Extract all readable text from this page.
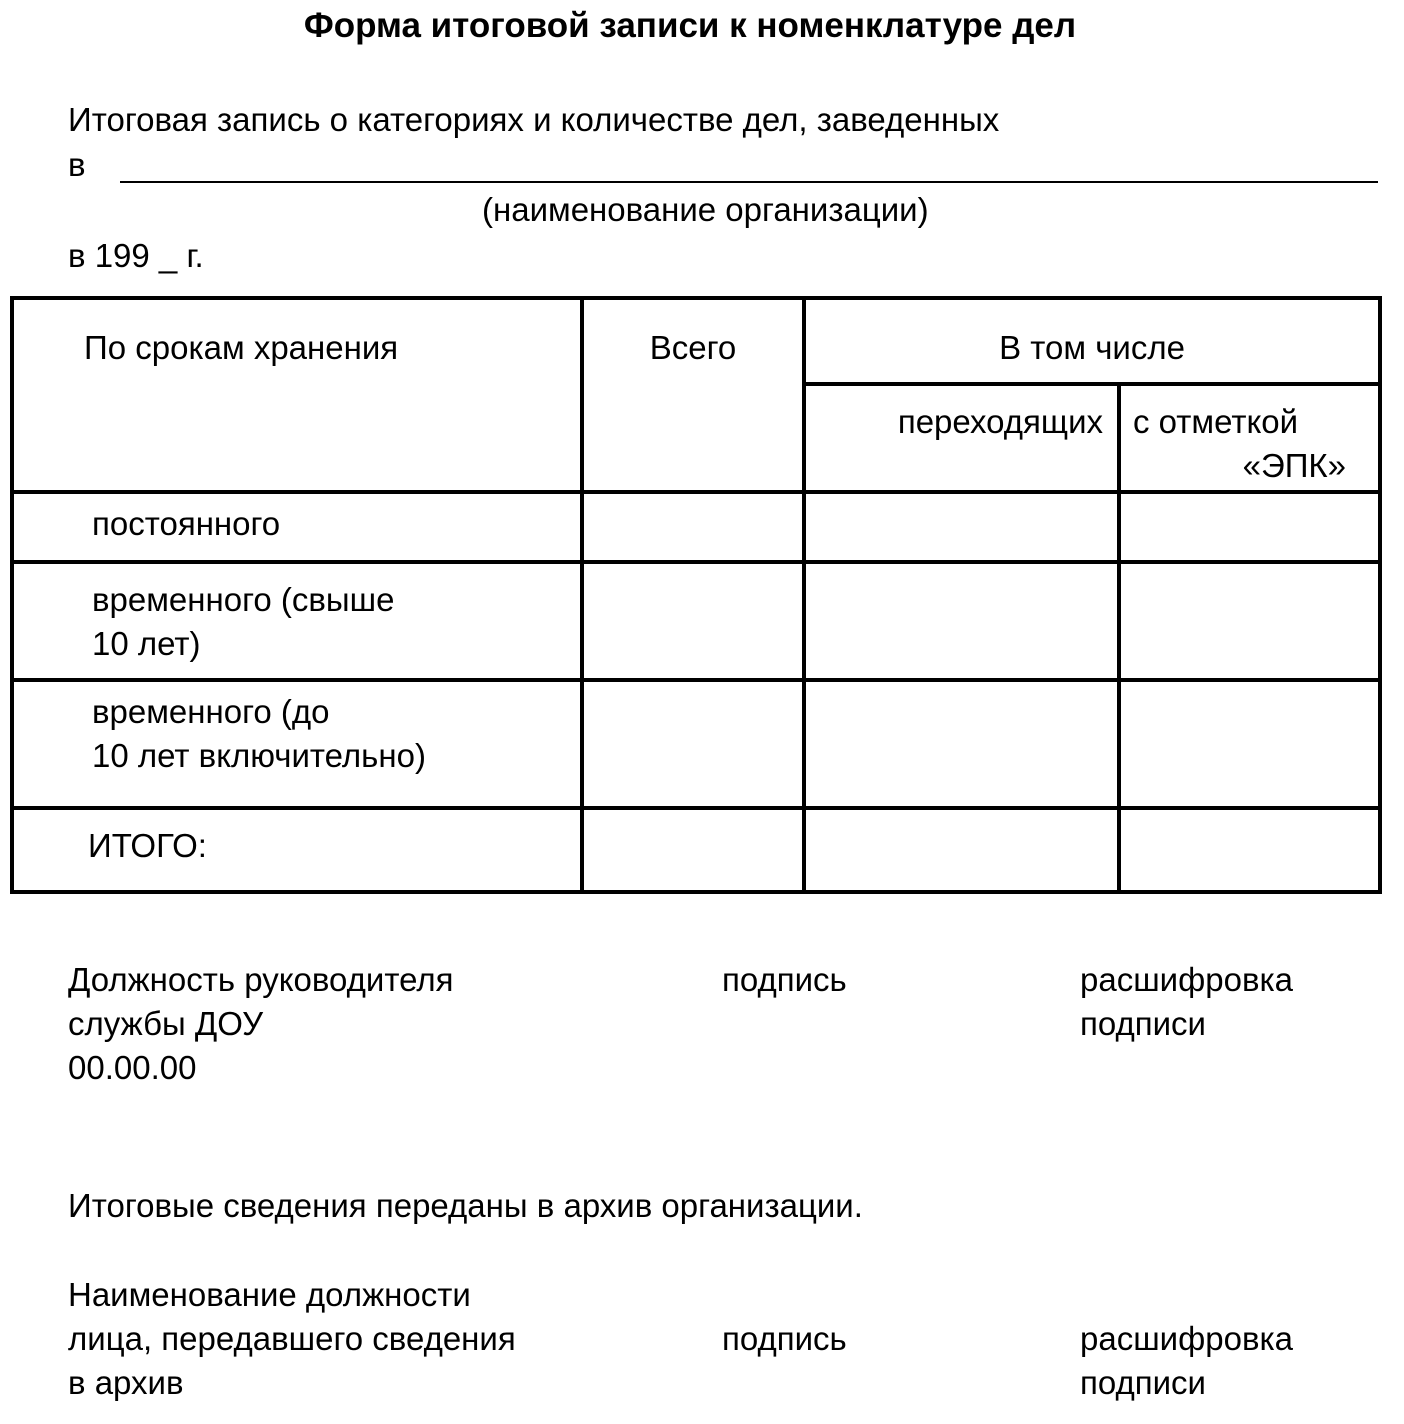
Форма итоговой записи к номенклатуре дел
Итоговая запись о категориях и количестве дел, заведенных
в
(наименование организации)
в 199 _ г.
По срокам хранения	Всего	В том числе	
		переходящих	с отметкой
«ЭПК»

постоянного			

временного (свыше
10 лет)			

временного (до
10 лет включительно)			

ИТОГО:			
Должность руководителя
службы ДОУ
00.00.00
подпись	расшифровка
подписи
Итоговые сведения переданы в архив организации.
Наименование должности
лица, передавшего сведения
в архив
подпись	расшифровка
подписи
